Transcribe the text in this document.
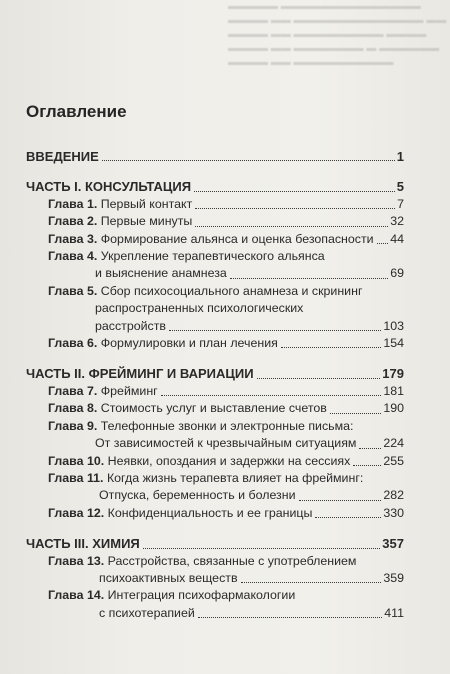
▬▬▬▬▬ ▬▬▬▬▬▬▬▬▬▬▬▬▬▬
▬▬▬▬ ▬▬ ▬▬▬▬▬▬▬▬▬▬▬▬▬ ▬▬
▬▬▬▬ ▬▬ ▬▬▬▬▬▬▬▬▬ ▬▬▬▬
▬▬▬▬ ▬▬ ▬▬▬▬▬▬▬ ▬ ▬▬▬▬▬▬
▬▬▬▬ ▬▬ ▬▬▬▬▬▬▬▬▬▬
Оглавление
ВВЕДЕНИЕ	1
ЧАСТЬ I. КОНСУЛЬТАЦИЯ	5
Глава 1. Первый контакт	7
Глава 2. Первые минуты	32
Глава 3. Формирование альянса и оценка безопасности 44
Глава 4. Укрепление терапевтического альянса
и выяснение анамнеза	69
Глава 5. Сбор психосоциального анамнеза и скрининг
распространенных психологических
расстройств	103
Глава 6. Формулировки и план лечения	154
ЧАСТЬ II. ФРЕЙМИНГ И ВАРИАЦИИ	179
Глава 7. Фрейминг	181
Глава 8. Стоимость услуг и выставление счетов	190
Глава 9. Телефонные звонки и электронные письма:
От зависимостей к чрезвычайным ситуациям 224
Глава 10. Неявки, опоздания и задержки на сессиях	255
Глава 11. Когда жизнь терапевта влияет на фрейминг:
Отпуска, беременность и болезни	282
Глава 12. Конфиденциальность и ее границы	330
ЧАСТЬ III. ХИМИЯ	357
Глава 13. Расстройства, связанные с употреблением
психоактивных веществ	359
Глава 14. Интеграция психофармакологии
с психотерапией	411
